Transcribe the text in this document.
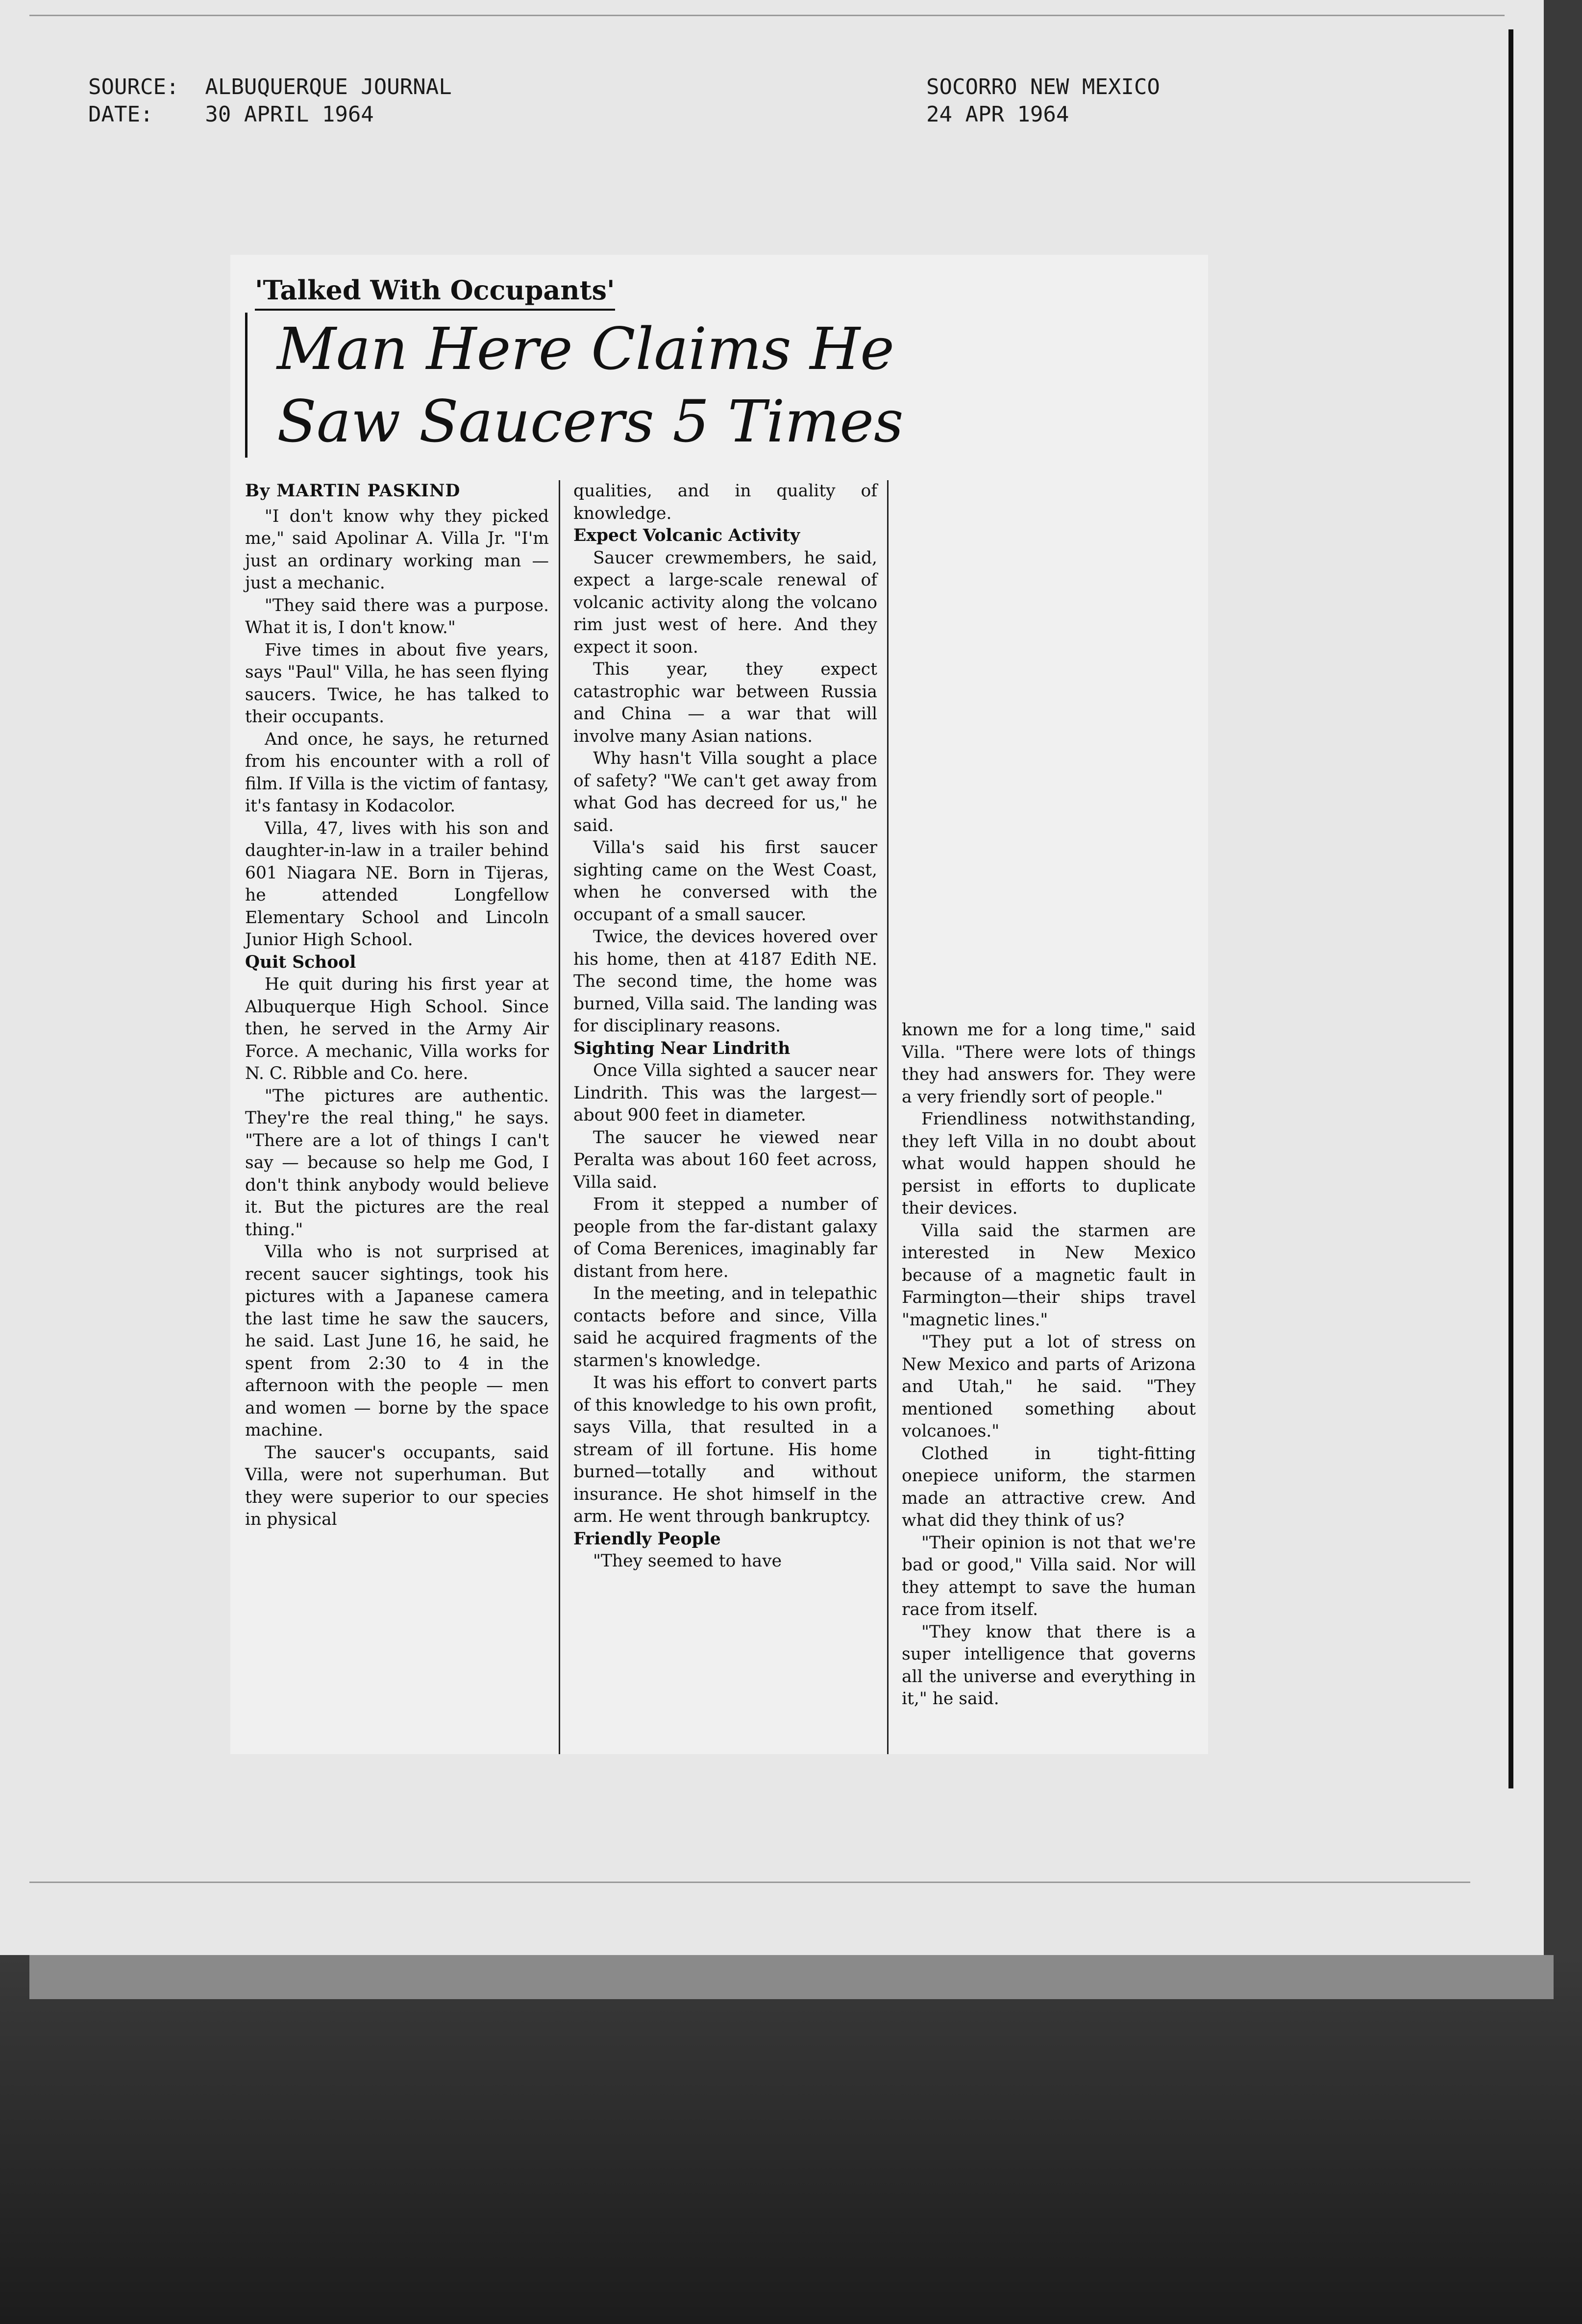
SOURCE: ALBUQUERQUE JOURNAL
DATE: 30 APRIL 1964
SOCORRO NEW MEXICO
24 APR 1964

'Talked With Occupants'

Man Here Claims He
Saw Saucers 5 Times

By MARTIN PASKIND

"I don't know why they picked me," said Apolinar A. Villa Jr. "I'm just an ordinary working man — just a mechanic.

"They said there was a purpose. What it is, I don't know."

Five times in about five years, says "Paul" Villa, he has seen flying saucers. Twice, he has talked to their occupants.

And once, he says, he returned from his encounter with a roll of film. If Villa is the victim of fantasy, it's fantasy in Kodacolor.

Villa, 47, lives with his son and daughter-in-law in a trailer behind 601 Niagara NE. Born in Tijeras, he attended Longfellow Elementary School and Lincoln Junior High School.

Quit School

He quit during his first year at Albuquerque High School. Since then, he served in the Army Air Force. A mechanic, Villa works for N. C. Ribble and Co. here.

"The pictures are authentic. They're the real thing," he says. "There are a lot of things I can't say — because so help me God, I don't think anybody would believe it. But the pictures are the real thing."

Villa who is not surprised at recent saucer sightings, took his pictures with a Japanese camera the last time he saw the saucers, he said. Last June 16, he said, he spent from 2:30 to 4 in the afternoon with the people — men and women — borne by the space machine.

The saucer's occupants, said Villa, were not superhuman. But they were superior to our species in physical

qualities, and in quality of knowledge.

Expect Volcanic Activity

Saucer crewmembers, he said, expect a large-scale renewal of volcanic activity along the volcano rim just west of here. And they expect it soon.

This year, they expect catastrophic war between Russia and China — a war that will involve many Asian nations.

Why hasn't Villa sought a place of safety? "We can't get away from what God has decreed for us," he said.

Villa's said his first saucer sighting came on the West Coast, when he conversed with the occupant of a small saucer.

Twice, the devices hovered over his home, then at 4187 Edith NE. The second time, the home was burned, Villa said. The landing was for disciplinary reasons.

Sighting Near Lindrith

Once Villa sighted a saucer near Lindrith. This was the largest—about 900 feet in diameter.

The saucer he viewed near Peralta was about 160 feet across, Villa said.

From it stepped a number of people from the far-distant galaxy of Coma Berenices, imaginably far distant from here.

In the meeting, and in telepathic contacts before and since, Villa said he acquired fragments of the starmen's knowledge.

It was his effort to convert parts of this knowledge to his own profit, says Villa, that resulted in a stream of ill fortune. His home burned—totally and without insurance. He shot himself in the arm. He went through bankruptcy.

Friendly People

"They seemed to have

known me for a long time," said Villa. "There were lots of things they had answers for. They were a very friendly sort of people."

Friendliness notwithstanding, they left Villa in no doubt about what would happen should he persist in efforts to duplicate their devices.

Villa said the starmen are interested in New Mexico because of a magnetic fault in Farmington—their ships travel "magnetic lines."

"They put a lot of stress on New Mexico and parts of Arizona and Utah," he said. "They mentioned something about volcanoes."

Clothed in tight-fitting onepiece uniform, the starmen made an attractive crew. And what did they think of us?

"Their opinion is not that we're bad or good," Villa said. Nor will they attempt to save the human race from itself.

"They know that there is a super intelligence that governs all the universe and everything in it," he said.
